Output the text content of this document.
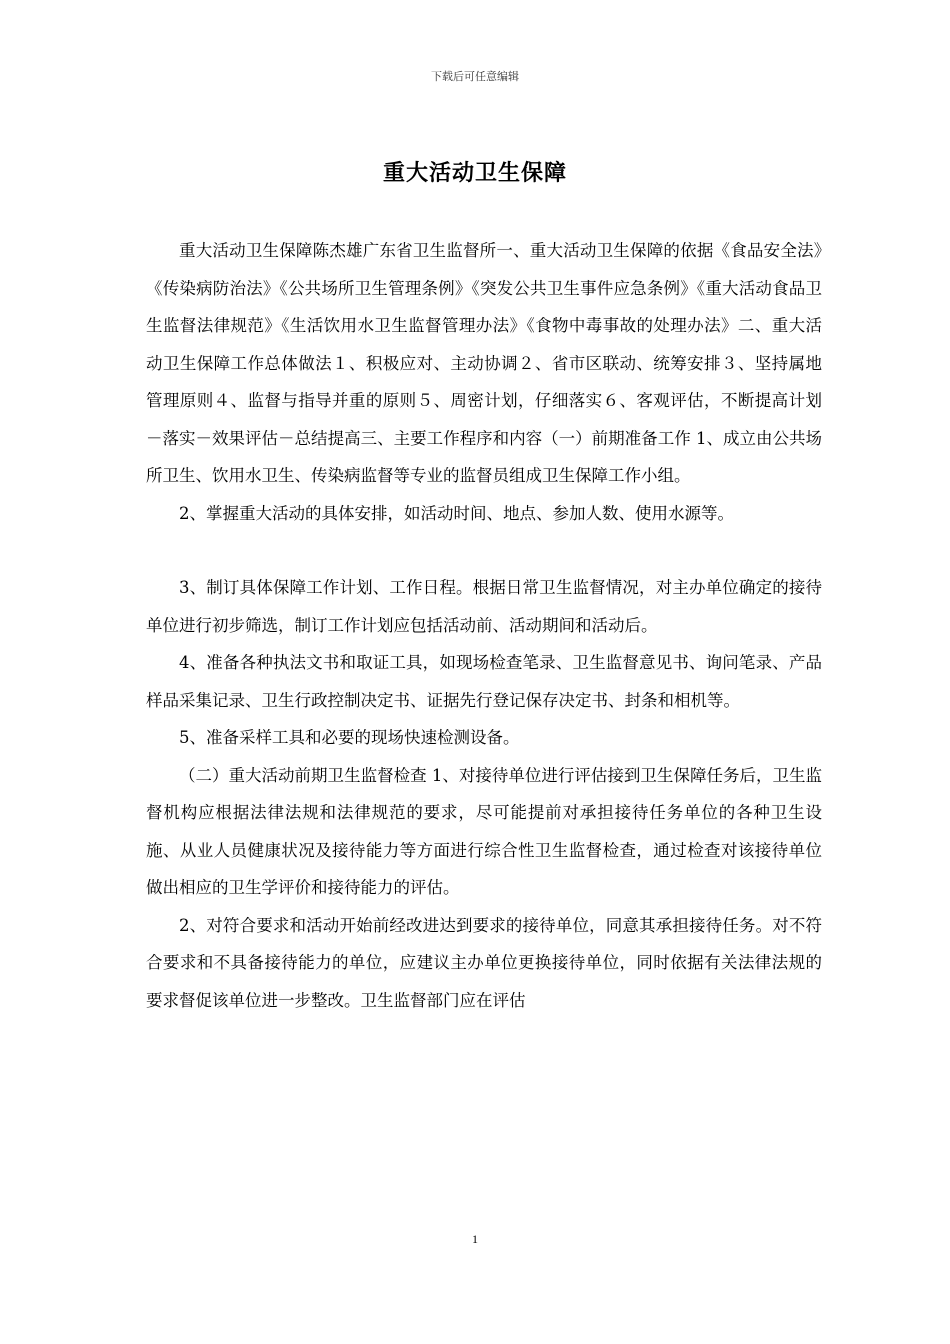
下载后可任意编辑
重大活动卫生保障

重大活动卫生保障陈杰雄广东省卫生监督所一、重大活动卫生保障的依据《食品安全法》《传染病防治法》《公共场所卫生管理条例》《突发公共卫生事件应急条例》《重大活动食品卫生监督法律规范》《生活饮用水卫生监督管理办法》《食物中毒事故的处理办法》二、重大活动卫生保障工作总体做法１、积极应对、主动协调２、省市区联动、统筹安排３、坚持属地管理原则４、监督与指导并重的原则５、周密计划，仔细落实６、客观评估，不断提高计划－落实－效果评估－总结提高三、主要工作程序和内容（一）前期准备工作 1、成立由公共场所卫生、饮用水卫生、传染病监督等专业的监督员组成卫生保障工作小组。

2、掌握重大活动的具体安排，如活动时间、地点、参加人数、使用水源等。

3、制订具体保障工作计划、工作日程。根据日常卫生监督情况，对主办单位确定的接待单位进行初步筛选，制订工作计划应包括活动前、活动期间和活动后。

4、准备各种执法文书和取证工具，如现场检查笔录、卫生监督意见书、询问笔录、产品样品采集记录、卫生行政控制决定书、证据先行登记保存决定书、封条和相机等。

5、准备采样工具和必要的现场快速检测设备。

（二）重大活动前期卫生监督检查 1、对接待单位进行评估接到卫生保障任务后，卫生监督机构应根据法律法规和法律规范的要求，尽可能提前对承担接待任务单位的各种卫生设施、从业人员健康状况及接待能力等方面进行综合性卫生监督检查，通过检查对该接待单位做出相应的卫生学评价和接待能力的评估。

2、对符合要求和活动开始前经改进达到要求的接待单位，同意其承担接待任务。对不符合要求和不具备接待能力的单位，应建议主办单位更换接待单位，同时依据有关法律法规的要求督促该单位进一步整改。卫生监督部门应在评估

1
